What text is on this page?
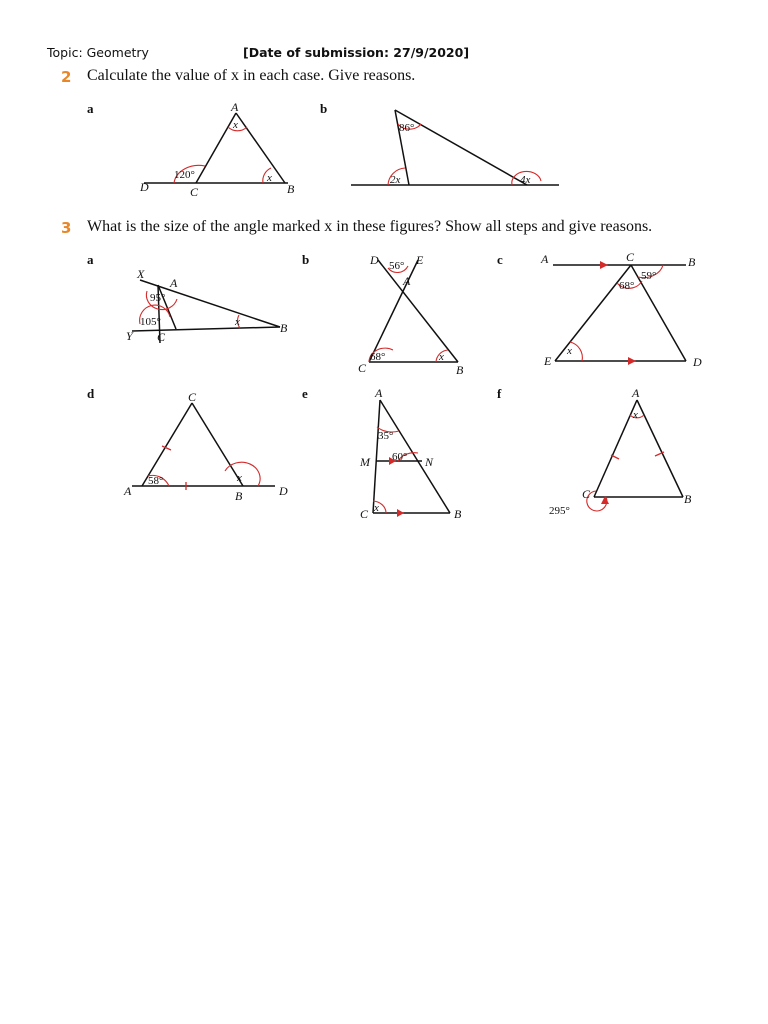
Topic: Geometry	[Date of submission: 27/9/2020]
2 Calculate the value of x in each case. Give reasons.
a	b
A
B
C
D
x
120°	x
86°
2x	4x
3 What is the size of the angle marked x in these figures? Show all steps and give reasons.
a	b	c
d	e	f
X
A
Y C
B
95°
105°	x
D	E
A
C	B
56°
68°	x
A	C	B
E	D
59°
68°
x
C
A	B	D
58°	x
A
M	N
C	B
35°
60°
x
A
C	B
x
295°
